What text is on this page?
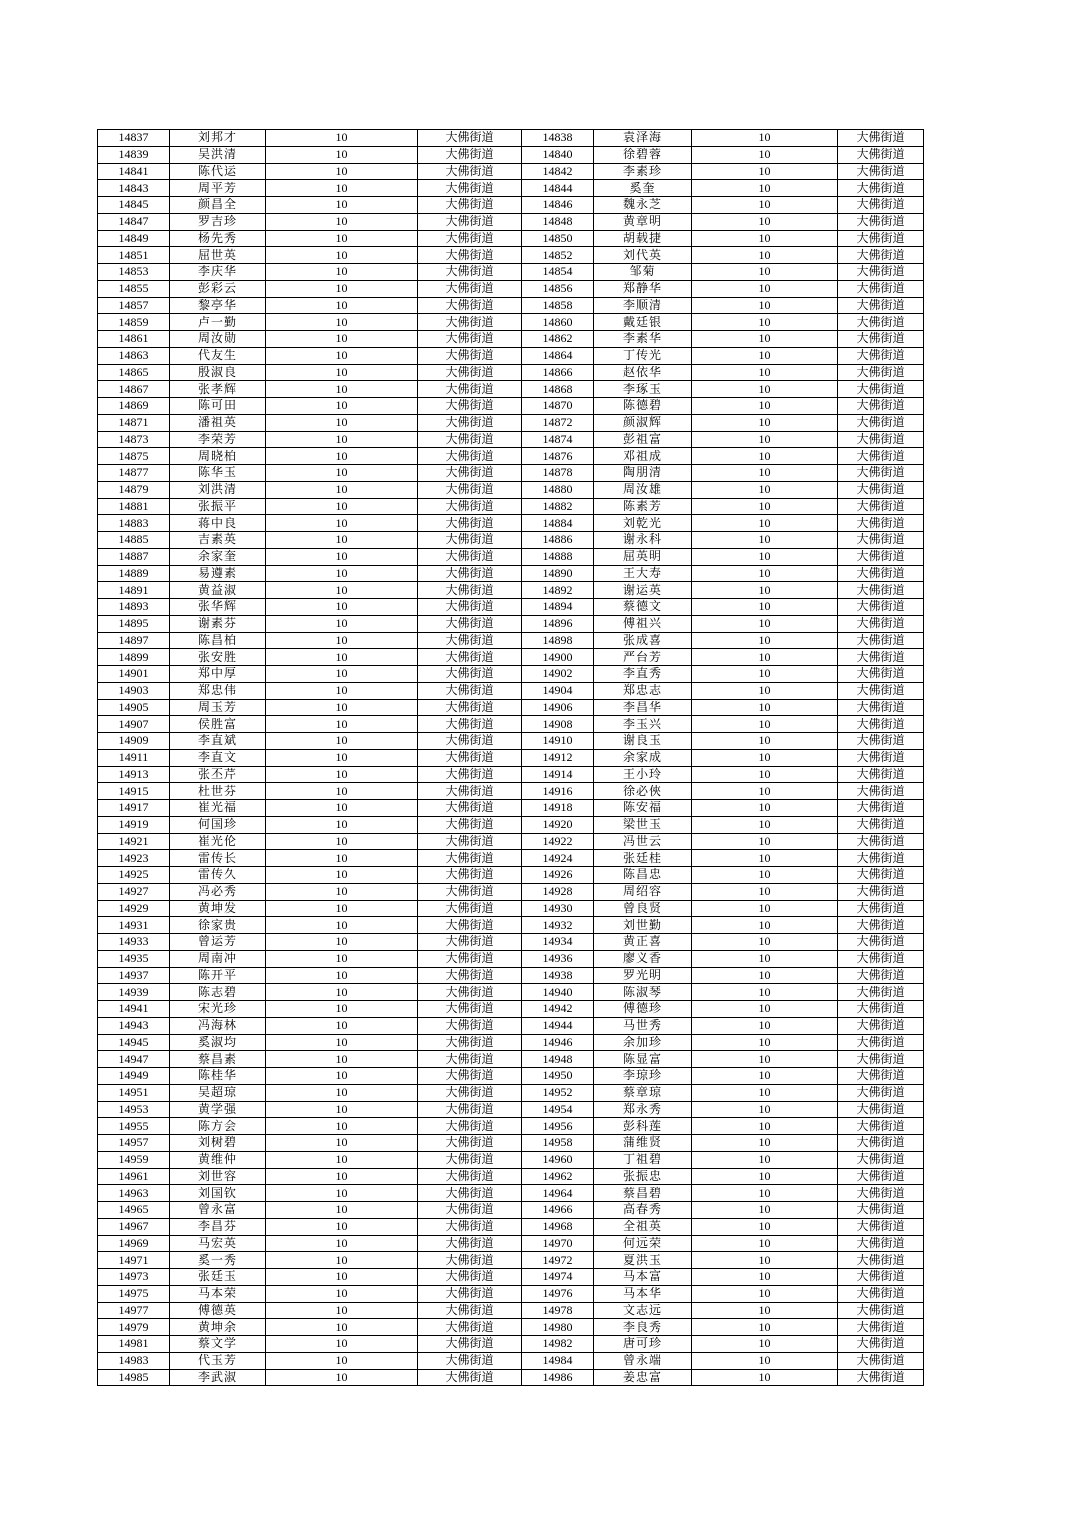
14837	刘邦才	10	大佛街道	14838	袁泽海	10	大佛街道
14839	吴洪清	10	大佛街道	14840	徐碧蓉	10	大佛街道
14841	陈代运	10	大佛街道	14842	李素珍	10	大佛街道
14843	周平芳	10	大佛街道	14844	奚奎	10	大佛街道
14845	颜昌全	10	大佛街道	14846	魏永芝	10	大佛街道
14847	罗吉珍	10	大佛街道	14848	黄章明	10	大佛街道
14849	杨先秀	10	大佛街道	14850	胡载捷	10	大佛街道
14851	屈世英	10	大佛街道	14852	刘代英	10	大佛街道
14853	李庆华	10	大佛街道	14854	邹菊	10	大佛街道
14855	彭彩云	10	大佛街道	14856	郑静华	10	大佛街道
14857	黎亭华	10	大佛街道	14858	李顺清	10	大佛街道
14859	卢一勤	10	大佛街道	14860	戴廷银	10	大佛街道
14861	周汝勋	10	大佛街道	14862	李素华	10	大佛街道
14863	代友生	10	大佛街道	14864	丁传光	10	大佛街道
14865	殷淑良	10	大佛街道	14866	赵依华	10	大佛街道
14867	张孝辉	10	大佛街道	14868	李琢玉	10	大佛街道
14869	陈可田	10	大佛街道	14870	陈德碧	10	大佛街道
14871	潘祖英	10	大佛街道	14872	颜淑辉	10	大佛街道
14873	李荣芳	10	大佛街道	14874	彭祖富	10	大佛街道
14875	周晓柏	10	大佛街道	14876	邓祖成	10	大佛街道
14877	陈华玉	10	大佛街道	14878	陶朋清	10	大佛街道
14879	刘洪清	10	大佛街道	14880	周汝雄	10	大佛街道
14881	张振平	10	大佛街道	14882	陈素芳	10	大佛街道
14883	蒋中良	10	大佛街道	14884	刘乾光	10	大佛街道
14885	吉素英	10	大佛街道	14886	谢永科	10	大佛街道
14887	余家奎	10	大佛街道	14888	屈英明	10	大佛街道
14889	易遵素	10	大佛街道	14890	王大寿	10	大佛街道
14891	黄益淑	10	大佛街道	14892	谢运英	10	大佛街道
14893	张华辉	10	大佛街道	14894	蔡德文	10	大佛街道
14895	谢素芬	10	大佛街道	14896	傅祖兴	10	大佛街道
14897	陈昌柏	10	大佛街道	14898	张成喜	10	大佛街道
14899	张安胜	10	大佛街道	14900	严台芳	10	大佛街道
14901	郑中厚	10	大佛街道	14902	李直秀	10	大佛街道
14903	郑忠伟	10	大佛街道	14904	郑忠志	10	大佛街道
14905	周玉芳	10	大佛街道	14906	李昌华	10	大佛街道
14907	侯胜富	10	大佛街道	14908	李玉兴	10	大佛街道
14909	李直斌	10	大佛街道	14910	谢良玉	10	大佛街道
14911	李直文	10	大佛街道	14912	余家成	10	大佛街道
14913	张丕芹	10	大佛街道	14914	王小玲	10	大佛街道
14915	杜世芬	10	大佛街道	14916	徐必俠	10	大佛街道
14917	崔光福	10	大佛街道	14918	陈安福	10	大佛街道
14919	何国珍	10	大佛街道	14920	梁世玉	10	大佛街道
14921	崔光伦	10	大佛街道	14922	冯世云	10	大佛街道
14923	雷传长	10	大佛街道	14924	张廷桂	10	大佛街道
14925	雷传久	10	大佛街道	14926	陈昌忠	10	大佛街道
14927	冯必秀	10	大佛街道	14928	周绍容	10	大佛街道
14929	黄坤发	10	大佛街道	14930	曾良贤	10	大佛街道
14931	徐家贵	10	大佛街道	14932	刘世勤	10	大佛街道
14933	曾运芳	10	大佛街道	14934	黄正喜	10	大佛街道
14935	周南冲	10	大佛街道	14936	廖义香	10	大佛街道
14937	陈开平	10	大佛街道	14938	罗光明	10	大佛街道
14939	陈志碧	10	大佛街道	14940	陈淑琴	10	大佛街道
14941	宋光珍	10	大佛街道	14942	傅德珍	10	大佛街道
14943	冯海林	10	大佛街道	14944	马世秀	10	大佛街道
14945	奚淑均	10	大佛街道	14946	余加珍	10	大佛街道
14947	蔡昌素	10	大佛街道	14948	陈显富	10	大佛街道
14949	陈桂华	10	大佛街道	14950	李琼珍	10	大佛街道
14951	吴超琼	10	大佛街道	14952	蔡章琼	10	大佛街道
14953	黄学强	10	大佛街道	14954	郑永秀	10	大佛街道
14955	陈方会	10	大佛街道	14956	彭科莲	10	大佛街道
14957	刘树碧	10	大佛街道	14958	蒲维贤	10	大佛街道
14959	黄维仲	10	大佛街道	14960	丁祖碧	10	大佛街道
14961	刘世容	10	大佛街道	14962	张振忠	10	大佛街道
14963	刘国钦	10	大佛街道	14964	蔡昌碧	10	大佛街道
14965	曾永富	10	大佛街道	14966	高春秀	10	大佛街道
14967	李昌芬	10	大佛街道	14968	全祖英	10	大佛街道
14969	马宏英	10	大佛街道	14970	何远荣	10	大佛街道
14971	奚一秀	10	大佛街道	14972	夏洪玉	10	大佛街道
14973	张廷玉	10	大佛街道	14974	马本富	10	大佛街道
14975	马本荣	10	大佛街道	14976	马本华	10	大佛街道
14977	傅德英	10	大佛街道	14978	文志远	10	大佛街道
14979	黄坤余	10	大佛街道	14980	李良秀	10	大佛街道
14981	蔡文学	10	大佛街道	14982	唐可珍	10	大佛街道
14983	代玉芳	10	大佛街道	14984	曾永端	10	大佛街道
14985	李武淑	10	大佛街道	14986	姜忠富	10	大佛街道
